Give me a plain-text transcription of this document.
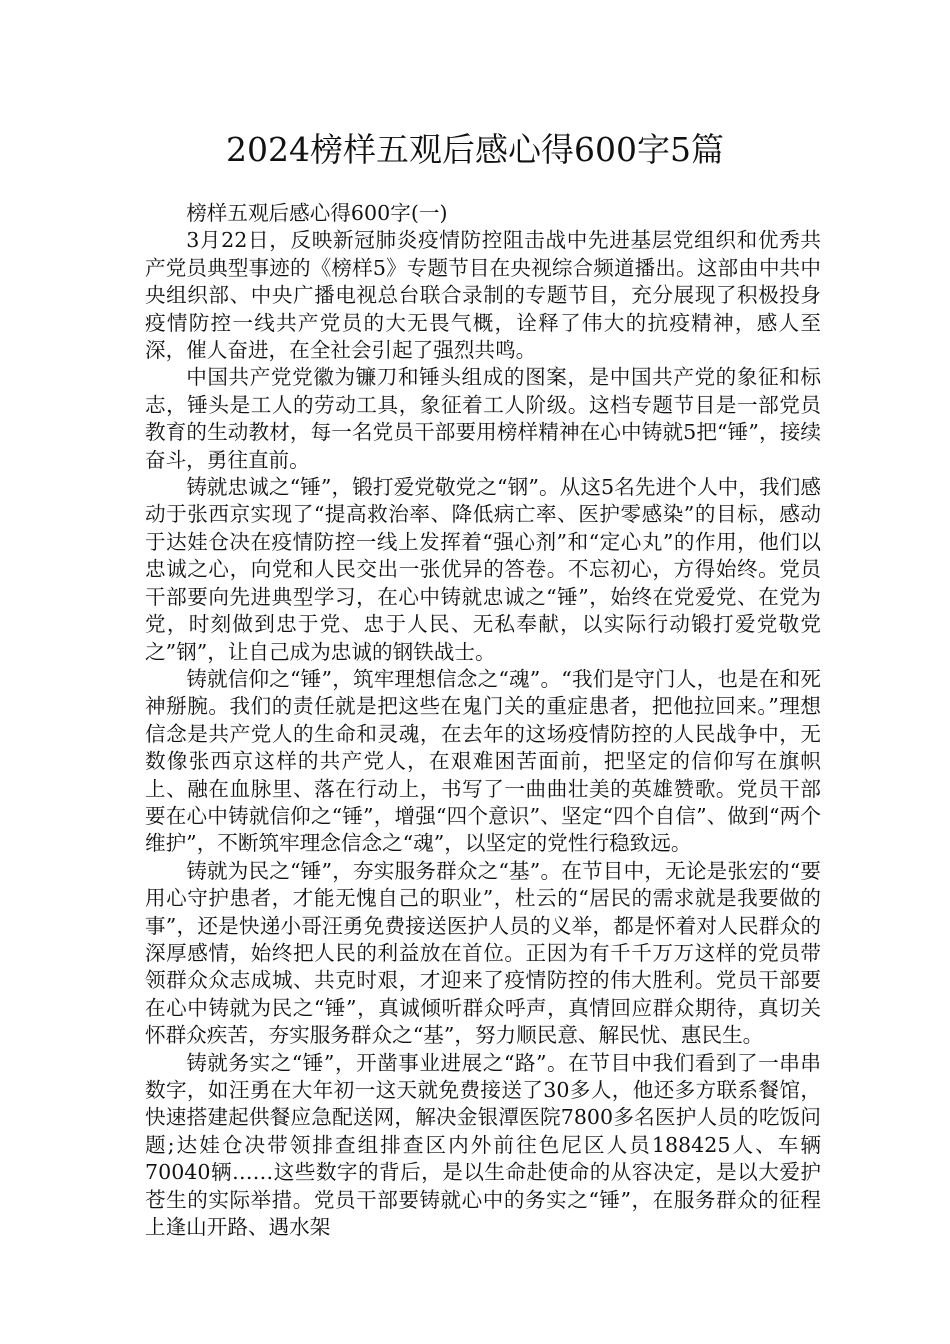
2024榜样五观后感心得600字5篇

榜样五观后感心得600字(一)

3月22日，反映新冠肺炎疫情防控阻击战中先进基层党组织和优秀共产党员典型事迹的《榜样5》专题节目在央视综合频道播出。这部由中共中央组织部、中央广播电视总台联合录制的专题节目，充分展现了积极投身疫情防控一线共产党员的大无畏气概，诠释了伟大的抗疫精神，感人至深，催人奋进，在全社会引起了强烈共鸣。

中国共产党党徽为镰刀和锤头组成的图案，是中国共产党的象征和标志，锤头是工人的劳动工具，象征着工人阶级。这档专题节目是一部党员教育的生动教材，每一名党员干部要用榜样精神在心中铸就5把“锤”，接续奋斗，勇往直前。

铸就忠诚之“锤”，锻打爱党敬党之“钢”。从这5名先进个人中，我们感动于张西京实现了“提高救治率、降低病亡率、医护零感染”的目标，感动于达娃仓决在疫情防控一线上发挥着“强心剂”和“定心丸”的作用，他们以忠诚之心，向党和人民交出一张优异的答卷。不忘初心，方得始终。党员干部要向先进典型学习，在心中铸就忠诚之“锤”，始终在党爱党、在党为党，时刻做到忠于党、忠于人民、无私奉献，以实际行动锻打爱党敬党之”钢”，让自己成为忠诚的钢铁战士。

铸就信仰之“锤”，筑牢理想信念之“魂”。“我们是守门人，也是在和死神掰腕。我们的责任就是把这些在鬼门关的重症患者，把他拉回来。”理想信念是共产党人的生命和灵魂，在去年的这场疫情防控的人民战争中，无数像张西京这样的共产党人，在艰难困苦面前，把坚定的信仰写在旗帜上、融在血脉里、落在行动上，书写了一曲曲壮美的英雄赞歌。党员干部要在心中铸就信仰之“锤”，增强“四个意识”、坚定“四个自信”、做到“两个维护”，不断筑牢理念信念之“魂”，以坚定的党性行稳致远。

铸就为民之“锤”，夯实服务群众之“基”。在节目中，无论是张宏的“要用心守护患者，才能无愧自己的职业”，杜云的“居民的需求就是我要做的事”，还是快递小哥汪勇免费接送医护人员的义举，都是怀着对人民群众的深厚感情，始终把人民的利益放在首位。正因为有千千万万这样的党员带领群众众志成城、共克时艰，才迎来了疫情防控的伟大胜利。党员干部要在心中铸就为民之“锤”，真诚倾听群众呼声，真情回应群众期待，真切关怀群众疾苦，夯实服务群众之“基”，努力顺民意、解民忧、惠民生。

铸就务实之“锤”，开凿事业进展之“路”。在节目中我们看到了一串串数字，如汪勇在大年初一这天就免费接送了30多人，他还多方联系餐馆，快速搭建起供餐应急配送网，解决金银潭医院7800多名医护人员的吃饭问题;达娃仓决带领排查组排查区内外前往色尼区人员188425人、车辆70040辆……这些数字的背后，是以生命赴使命的从容决定，是以大爱护苍生的实际举措。党员干部要铸就心中的务实之“锤”，在服务群众的征程上逢山开路、遇水架
